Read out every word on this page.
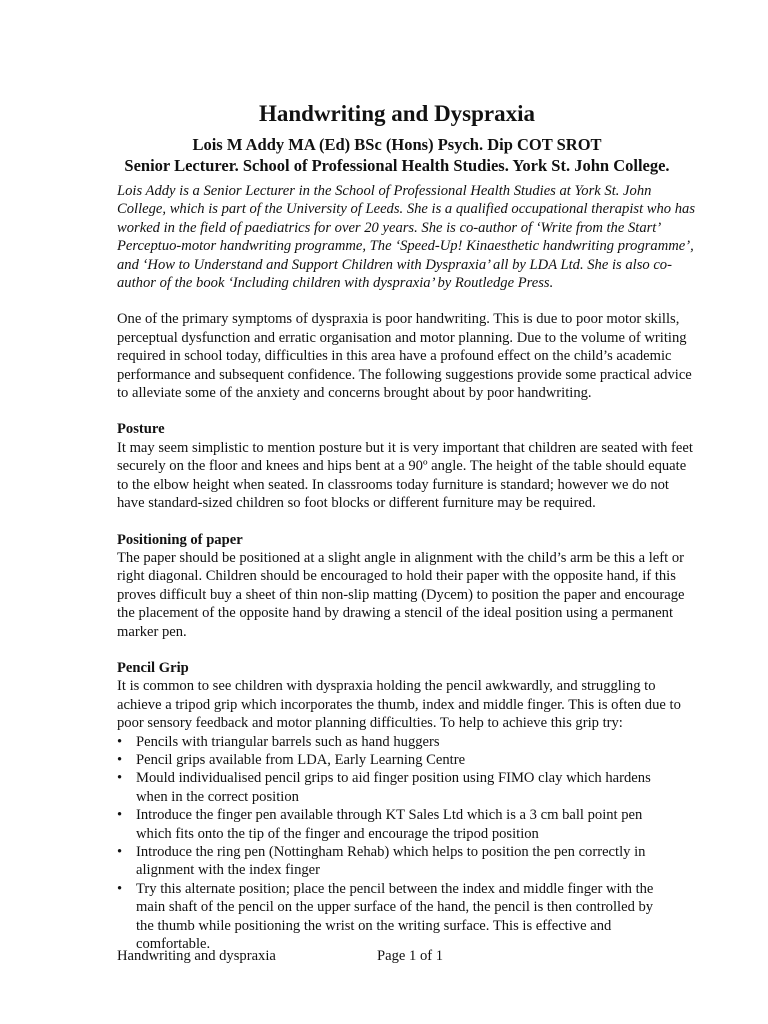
Handwriting and Dyspraxia
Lois M Addy MA (Ed) BSc (Hons) Psych. Dip COT SROT
Senior Lecturer. School of Professional Health Studies. York St. John College.
Lois Addy is a Senior Lecturer in the School of Professional Health Studies at York St. John
College, which is part of the University of Leeds. She is a qualified occupational therapist who has
worked in the field of paediatrics for over 20 years. She is co-author of ‘Write from the Start’
Perceptuo-motor handwriting programme, The ‘Speed-Up! Kinaesthetic handwriting programme’,
and ‘How to Understand and Support Children with Dyspraxia’ all by LDA Ltd. She is also co-
author of the book ‘Including children with dyspraxia’ by Routledge Press.
One of the primary symptoms of dyspraxia is poor handwriting. This is due to poor motor skills,
perceptual dysfunction and erratic organisation and motor planning. Due to the volume of writing
required in school today, difficulties in this area have a profound effect on the child’s academic
performance and subsequent confidence. The following suggestions provide some practical advice
to alleviate some of the anxiety and concerns brought about by poor handwriting.
Posture
It may seem simplistic to mention posture but it is very important that children are seated with feet
securely on the floor and knees and hips bent at a 90º angle. The height of the table should equate
to the elbow height when seated. In classrooms today furniture is standard; however we do not
have standard-sized children so foot blocks or different furniture may be required.
Positioning of paper
The paper should be positioned at a slight angle in alignment with the child’s arm be this a left or
right diagonal. Children should be encouraged to hold their paper with the opposite hand, if this
proves difficult buy a sheet of thin non-slip matting (Dycem) to position the paper and encourage
the placement of the opposite hand by drawing a stencil of the ideal position using a permanent
marker pen.
Pencil Grip
It is common to see children with dyspraxia holding the pencil awkwardly, and struggling to
achieve a tripod grip which incorporates the thumb, index and middle finger. This is often due to
poor sensory feedback and motor planning difficulties. To help to achieve this grip try:
• Pencils with triangular barrels such as hand huggers
• Pencil grips available from LDA, Early Learning Centre
• Mould individualised pencil grips to aid finger position using FIMO clay which hardens
when in the correct position
• Introduce the finger pen available through KT Sales Ltd which is a 3 cm ball point pen
which fits onto the tip of the finger and encourage the tripod position
• Introduce the ring pen (Nottingham Rehab) which helps to position the pen correctly in
alignment with the index finger
• Try this alternate position; place the pencil between the index and middle finger with the
main shaft of the pencil on the upper surface of the hand, the pencil is then controlled by
the thumb while positioning the wrist on the writing surface. This is effective and
comfortable.
Handwriting and dyspraxia	Page 1 of 1
